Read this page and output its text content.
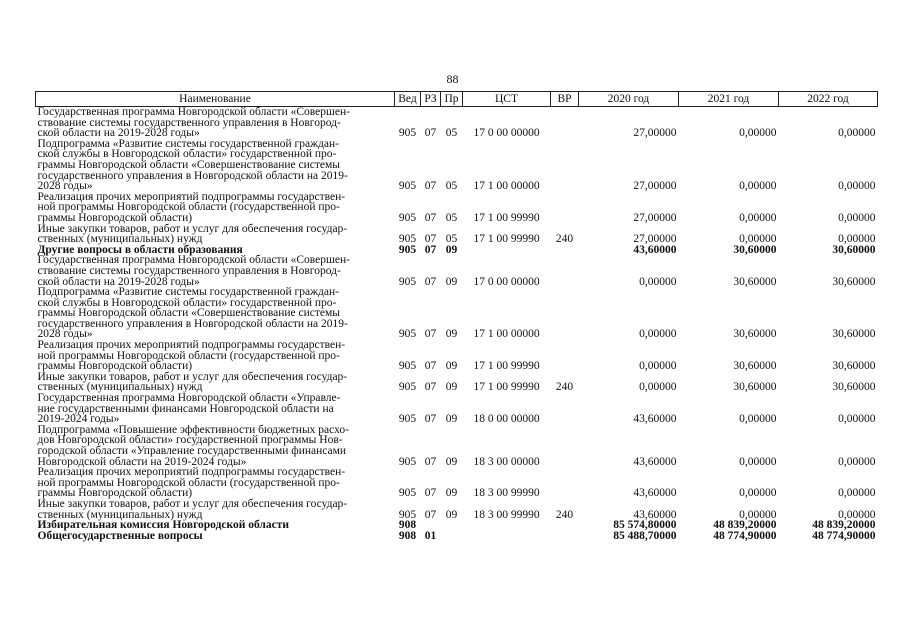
88
Наименование	Вед	РЗ	Пр	ЦСТ	ВР	2020 год	2021 год	2022 год
Государственная программа Новгородской области «Совершен-
ствование системы государственного управления в Новгород-
ской области на 2019-2028 годы»	905	07	05	17 0 00 00000		27,00000	0,00000	0,00000
Подпрограмма «Развитие системы государственной граждан-
ской службы в Новгородской области» государственной про-
граммы Новгородской области «Совершенствование системы
государственного управления в Новгородской области на 2019-
2028 годы»	905	07	05	17 1 00 00000		27,00000	0,00000	0,00000
Реализация прочих мероприятий подпрограммы государствен-
ной программы Новгородской области (государственной про-
граммы Новгородской области)	905	07	05	17 1 00 99990		27,00000	0,00000	0,00000
Иные закупки товаров, работ и услуг для обеспечения государ-
ственных (муниципальных) нужд	905	07	05	17 1 00 99990	240	27,00000	0,00000	0,00000
Другие вопросы в области образования	905	07	09			43,60000	30,60000	30,60000
Государственная программа Новгородской области «Совершен-
ствование системы государственного управления в Новгород-
ской области на 2019-2028 годы»	905	07	09	17 0 00 00000		0,00000	30,60000	30,60000
Подпрограмма «Развитие системы государственной граждан-
ской службы в Новгородской области» государственной про-
граммы Новгородской области «Совершенствование системы
государственного управления в Новгородской области на 2019-
2028 годы»	905	07	09	17 1 00 00000		0,00000	30,60000	30,60000
Реализация прочих мероприятий подпрограммы государствен-
ной программы Новгородской области (государственной про-
граммы Новгородской области)	905	07	09	17 1 00 99990		0,00000	30,60000	30,60000
Иные закупки товаров, работ и услуг для обеспечения государ-
ственных (муниципальных) нужд	905	07	09	17 1 00 99990	240	0,00000	30,60000	30,60000
Государственная программа Новгородской области «Управле-
ние государственными финансами Новгородской области на
2019-2024 годы»	905	07	09	18 0 00 00000		43,60000	0,00000	0,00000
Подпрограмма «Повышение эффективности бюджетных расхо-
дов Новгородской области» государственной программы Нов-
городской области «Управление государственными финансами
Новгородской области на 2019-2024 годы»	905	07	09	18 3 00 00000		43,60000	0,00000	0,00000
Реализация прочих мероприятий подпрограммы государствен-
ной программы Новгородской области (государственной про-
граммы Новгородской области)	905	07	09	18 3 00 99990		43,60000	0,00000	0,00000
Иные закупки товаров, работ и услуг для обеспечения государ-
ственных (муниципальных) нужд	905	07	09	18 3 00 99990	240	43,60000	0,00000	0,00000
Избирательная комиссия Новгородской области	908					85 574,80000	48 839,20000	48 839,20000
Общегосударственные вопросы	908	01				85 488,70000	48 774,90000	48 774,90000
